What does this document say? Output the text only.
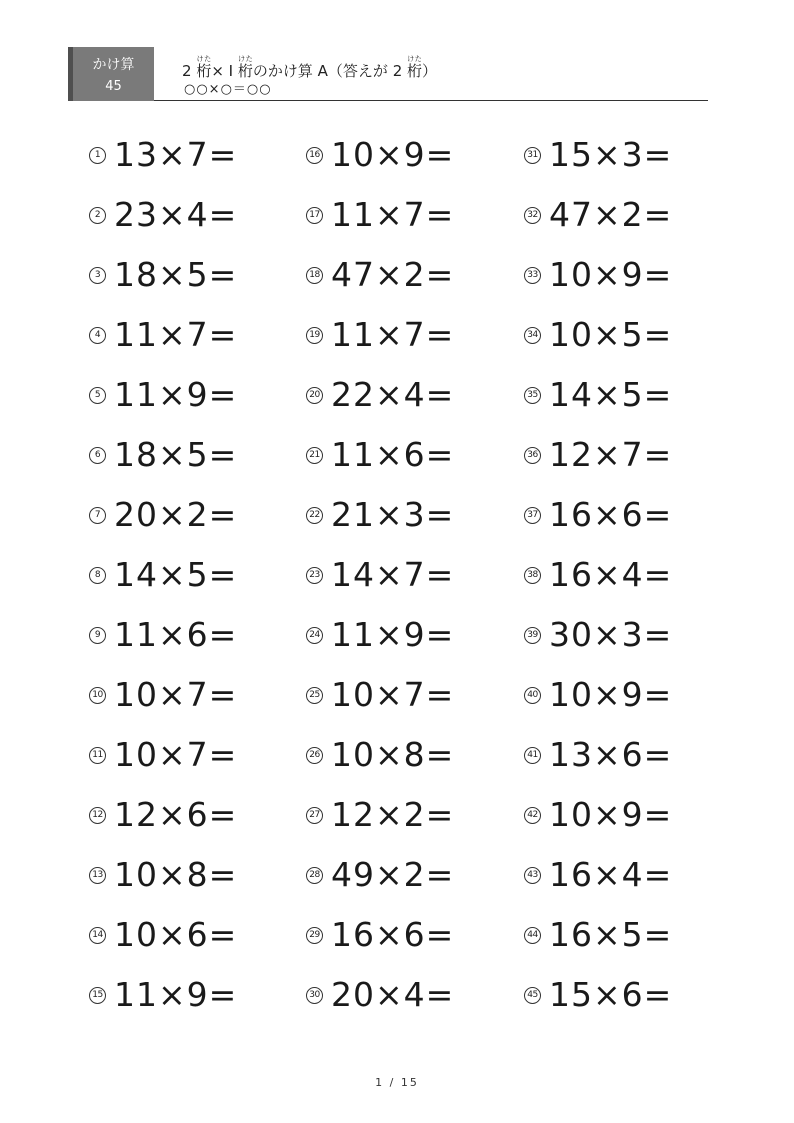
かけ算
45
2 桁けた× I 桁けたのかけ算 A（答えが 2 桁けた）
○○×○＝○○
1 13×7=
2 23×4=
3 18×5=
4 11×7=
5 11×9=
6 18×5=
7 20×2=
8 14×5=
9 11×6=
10 10×7=
11 10×7=
12 12×6=
13 10×8=
14 10×6=
15 11×9=
16 10×9=
17 11×7=
18 47×2=
19 11×7=
20 22×4=
21 11×6=
22 21×3=
23 14×7=
24 11×9=
25 10×7=
26 10×8=
27 12×2=
28 49×2=
29 16×6=
30 20×4=
31 15×3=
32 47×2=
33 10×9=
34 10×5=
35 14×5=
36 12×7=
37 16×6=
38 16×4=
39 30×3=
40 10×9=
41 13×6=
42 10×9=
43 16×4=
44 16×5=
45 15×6=
1 / 15
